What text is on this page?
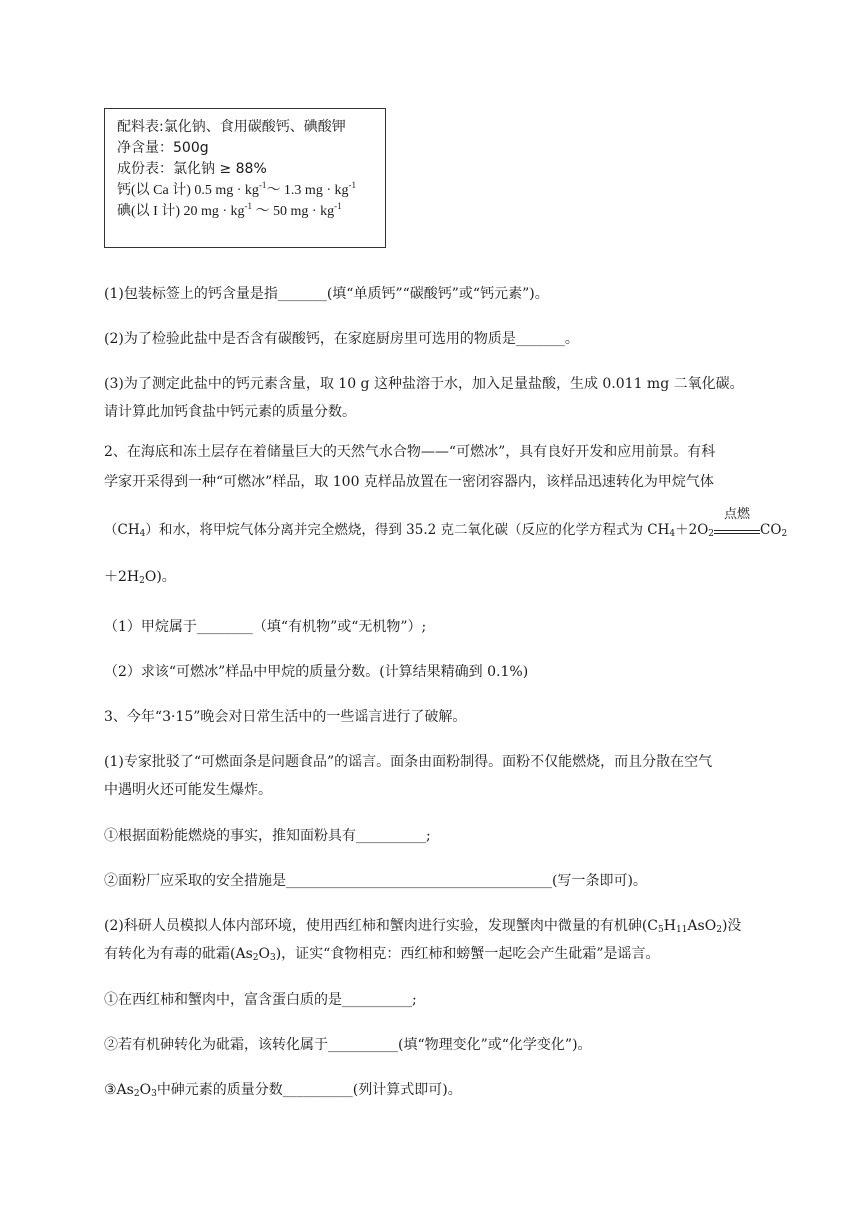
配料表:氯化钠、食用碳酸钙、碘酸钾
净含量：500g
成份表：氯化钠 ≥ 88%
钙(以 Ca 计) 0.5 mg · $kg^{-1}\sim$ 1.3 mg · $kg^{-1}$
碘(以 I 计) 20 mg · $kg^{-1}$ ～ 50 mg · $kg^{-1}$
(1)包装标签上的钙含量是指_______(填“单质钙”“碳酸钙”或“钙元素”)。
(2)为了检验此盐中是否含有碳酸钙，在家庭厨房里可选用的物质是_______。
(3)为了测定此盐中的钙元素含量，取 10 g 这种盐溶于水，加入足量盐酸，生成 0.011 mg 二氧化碳。
请计算此加钙食盐中钙元素的质量分数。
2、在海底和冻土层存在着储量巨大的天然气水合物——“可燃冰”，具有良好开发和应用前景。有科
学家开采得到一种“可燃冰”样品，取 100 克样品放置在一密闭容器内，该样品迅速转化为甲烷气体
$(CH_4)$和水，将甲烷气体分离并完全燃烧，得到 35.2 克二氧化碳（反应的化学方程式为 $CH_4+2O_2$
点燃
$CO_2$
$+2H_2O$)。
（1）甲烷属于________（填“有机物”或“无机物”）;
（2）求该“可燃冰”样品中甲烷的质量分数。(计算结果精确到 0.1%)
3、今年“3·15”晚会对日常生活中的一些谣言进行了破解。
(1)专家批驳了“可燃面条是问题食品”的谣言。面条由面粉制得。面粉不仅能燃烧，而且分散在空气
中遇明火还可能发生爆炸。
①根据面粉能燃烧的事实，推知面粉具有__________;
②面粉厂应采取的安全措施是______________________________________(写一条即可)。
(2)科研人员模拟人体内部环境，使用西红柿和蟹肉进行实验，发现蟹肉中微量的有机砷$(C_5H_{11}AsO_2)$没
有转化为有毒的砒霜$(As_2O_3)$，证实“食物相克：西红柿和螃蟹一起吃会产生砒霜”是谣言。
①在西红柿和蟹肉中，富含蛋白质的是__________;
②若有机砷转化为砒霜，该转化属于__________(填“物理变化”或“化学变化”)。
$③As_2O_3$中砷元素的质量分数__________(列计算式即可)。
